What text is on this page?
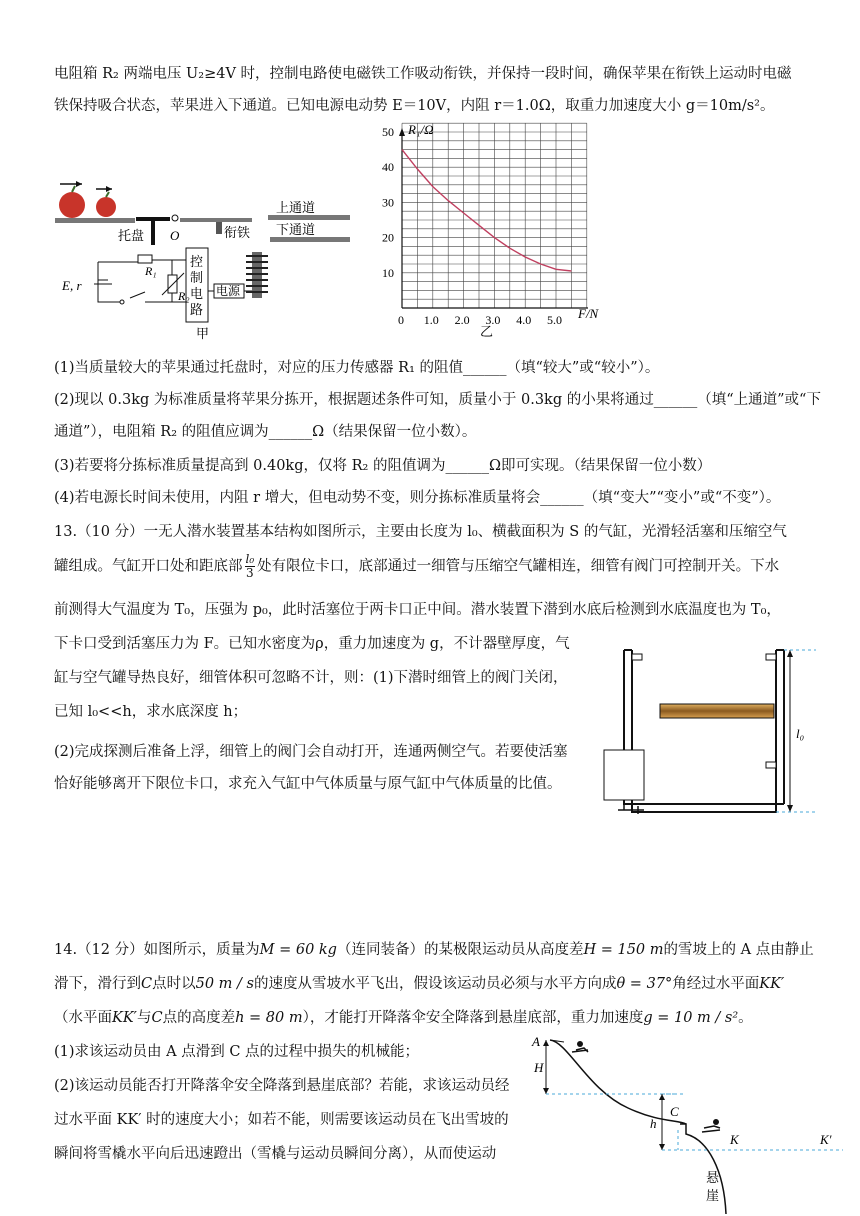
电阻箱 R₂ 两端电压 U₂≥4V 时，控制电路使电磁铁工作吸动衔铁，并保持一段时间，确保苹果在衔铁上运动时电磁
铁保持吸合状态，苹果进入下通道。已知电源电动势 E＝10V，内阻 r＝1.0Ω，取重力加速度大小 g＝10m/s²。
托盘 O	衔铁
上通道
下通道
控
制
电
路
电源
E, r
R₁
R₂
甲
50
40
30
20
10
0 1.0 2.0 3.0 4.0 5.0
R₁/Ω
F/N
乙
(1)当质量较大的苹果通过托盘时，对应的压力传感器 R₁ 的阻值______（填“较大”或“较小”）。
(2)现以 0.3kg 为标准质量将苹果分拣开，根据题述条件可知，质量小于 0.3kg 的小果将通过______（填“上通道”或“下
通道”），电阻箱 R₂ 的阻值应调为______Ω（结果保留一位小数）。
(3)若要将分拣标准质量提高到 0.40kg，仅将 R₂ 的阻值调为______Ω即可实现。（结果保留一位小数）
(4)若电源长时间未使用，内阻 r 增大，但电动势不变，则分拣标准质量将会______（填“变大”“变小”或“不变”）。
13.（10 分）一无人潜水装置基本结构如图所示，主要由长度为 l₀、横截面积为 S 的气缸，光滑轻活塞和压缩空气
罐组成。气缸开口处和距底部 $\frac{\text{l₀}}{3}$ 处有限位卡口，底部通过一细管与压缩空气罐相连，细管有阀门可控制开关。下水
前测得大气温度为 T₀，压强为 p₀，此时活塞位于两卡口正中间。潜水装置下潜到水底后检测到水底温度也为 T₀，
下卡口受到活塞压力为 F。已知水密度为ρ，重力加速度为 g，不计器壁厚度，气
缸与空气罐导热良好，细管体积可忽略不计，则：(1)下潜时细管上的阀门关闭，
已知 l₀<<h，求水底深度 h；
(2)完成探测后准备上浮，细管上的阀门会自动打开，连通两侧空气。若要使活塞
恰好能够离开下限位卡口，求充入气缸中气体质量与原气缸中气体质量的比值。
l₀
14.（12 分）如图所示，质量为M = 60 kg（连同装备）的某极限运动员从高度差H = 150 m的雪坡上的 A 点由静止
滑下，滑行到C点时以50 m / s的速度从雪坡水平飞出，假设该运动员必须与水平方向成θ = 37°角经过水平面KK′
（水平面KK′与C点的高度差h = 80 m），才能打开降落伞安全降落到悬崖底部，重力加速度g = 10 m / s²。
(1)求该运动员由 A 点滑到 C 点的过程中损失的机械能；
(2)该运动员能否打开降落伞安全降落到悬崖底部？若能，求该运动员经
过水平面 KK′ 时的速度大小；如若不能，则需要该运动员在飞出雪坡的
瞬间将雪橇水平向后迅速蹬出（雪橇与运动员瞬间分离），从而使运动
A
H
C
h
K	K′
悬
崖
